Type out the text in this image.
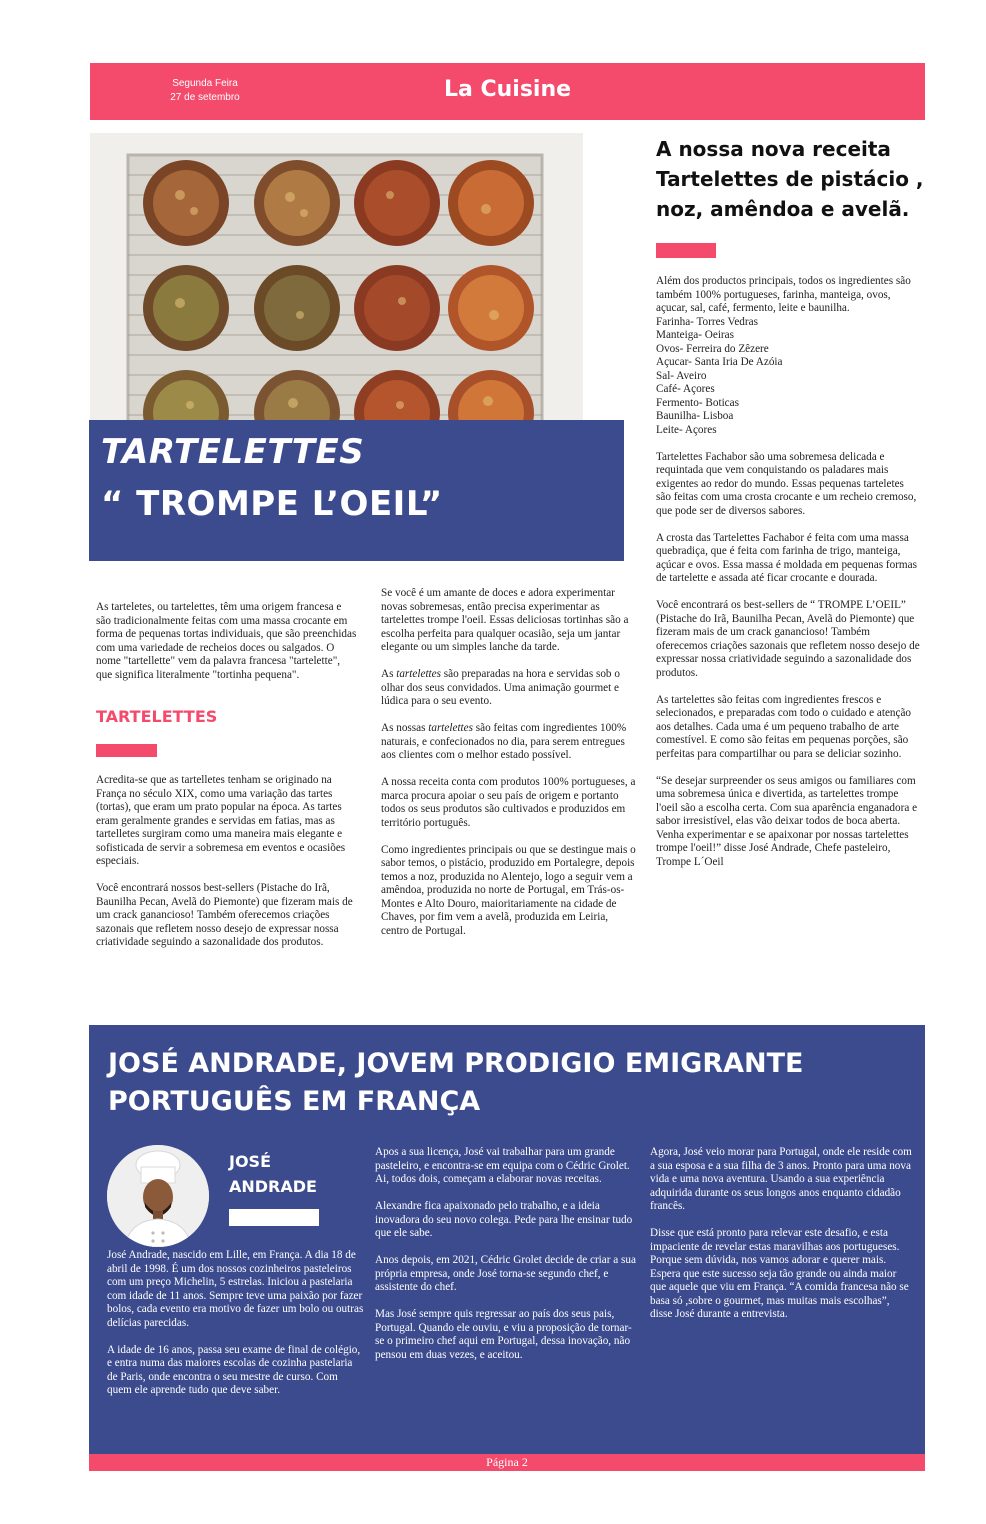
Segunda Feira
27 de setembro	La Cuisine
TARTELETTES
“ TROMPE L’OEIL”
A nossa nova receita
Tartelettes de pistácio ,
noz, amêndoa e avelã.

Além dos productos principais, todos os ingredientes são também 100% portugueses, farinha, manteiga, ovos, açucar, sal, café, fermento, leite e baunilha.

Farinha- Torres Vedras

Manteiga- Oeiras

Ovos- Ferreira do Zêzere

Açucar- Santa Iria De Azóia

Sal- Aveiro

Café- Açores

Fermento- Boticas

Baunilha- Lisboa

Leite- Açores

Tartelettes Fachabor são uma sobremesa delicada e requintada que vem conquistando os paladares mais exigentes ao redor do mundo. Essas pequenas tarteletes são feitas com uma crosta crocante e um recheio cremoso, que pode ser de diversos sabores.

A crosta das Tartelettes Fachabor é feita com uma massa quebradiça, que é feita com farinha de trigo, manteiga, açúcar e ovos. Essa massa é moldada em pequenas formas de tartelette e assada até ficar crocante e dourada.

Você encontrará os best-sellers de “ TROMPE L’OEIL” (Pistache do Irã, Baunilha Pecan, Avelã do Piemonte) que fizeram mais de um crack ganancioso! Também oferecemos criações sazonais que refletem nosso desejo de expressar nossa criatividade seguindo a sazonalidade dos produtos.

As tartelettes são feitas com ingredientes frescos e selecionados, e preparadas com todo o cuidado e atenção aos detalhes. Cada uma é um pequeno trabalho de arte comestível. E como são feitas em pequenas porções, são perfeitas para compartilhar ou para se deliciar sozinho.

“Se desejar surpreender os seus amigos ou familiares com uma sobremesa única e divertida, as tartelettes trompe l'oeil são a escolha certa. Com sua aparência enganadora e sabor irresistível, elas vão deixar todos de boca aberta. Venha experimentar e se apaixonar por nossas tartelettes trompe l'oeil!” disse José Andrade, Chefe pasteleiro, Trompe L´Oeil

As tarteletes, ou tartelettes, têm uma origem francesa e são tradicionalmente feitas com uma massa crocante em forma de pequenas tortas individuais, que são preenchidas com uma variedade de recheios doces ou salgados. O nome "tartellette" vem da palavra francesa "tartelette", que significa literalmente "tortinha pequena".

TARTELETTES

Acredita-se que as tartelletes tenham se originado na França no século XIX, como uma variação das tartes (tortas), que eram um prato popular na época. As tartes eram geralmente grandes e servidas em fatias, mas as tartelletes surgiram como uma maneira mais elegante e sofisticada de servir a sobremesa em eventos e ocasiões especiais.

Você encontrará nossos best-sellers (Pistache do Irã, Baunilha Pecan, Avelã do Piemonte) que fizeram mais de um crack ganancioso! Também oferecemos criações sazonais que refletem nosso desejo de expressar nossa criatividade seguindo a sazonalidade dos produtos.

Se você é um amante de doces e adora experimentar novas sobremesas, então precisa experimentar as tartelettes trompe l'oeil. Essas deliciosas tortinhas são a escolha perfeita para qualquer ocasião, seja um jantar elegante ou um simples lanche da tarde.

As tartelettes são preparadas na hora e servidas sob o olhar dos seus convidados. Uma animação gourmet e lúdica para o seu evento.

As nossas tartelettes são feitas com ingredientes 100% naturais, e confecionados no dia, para serem entregues aos clientes com o melhor estado possível.

A nossa receita conta com produtos 100% portugueses, a marca procura apoiar o seu país de origem e portanto todos os seus produtos são cultivados e produzidos em território português.

Como ingredientes principais ou que se destingue mais o sabor temos, o pistácio, produzido em Portalegre, depois temos a noz, produzida no Alentejo, logo a seguir vem a amêndoa, produzida no norte de Portugal, em Trás-os-Montes e Alto Douro, maioritariamente na cidade de Chaves, por fim vem a avelã, produzida em Leiria, centro de Portugal.

JOSÉ ANDRADE, JOVEM PRODIGIO EMIGRANTE PORTUGUÊS EM FRANÇA
JOSÉ
ANDRADE

José Andrade, nascido em Lille, em França. A dia 18 de abril de 1998. É um dos nossos cozinheiros pasteleiros com um preço Michelin, 5 estrelas. Iniciou a pastelaria com idade de 11 anos. Sempre teve uma paixão por fazer bolos, cada evento era motivo de fazer um bolo ou outras delícias parecidas.

A idade de 16 anos, passa seu exame de final de colégio, e entra numa das maiores escolas de cozinha pastelaria de Paris, onde encontra o seu mestre de curso. Com quem ele aprende tudo que deve saber.

Apos a sua licença, José vai trabalhar para um grande pasteleiro, e encontra-se em equipa com o Cédric Grolet. Ai, todos dois, começam a elaborar novas receitas.

Alexandre fica apaixonado pelo trabalho, e a ideia inovadora do seu novo colega. Pede para lhe ensinar tudo que ele sabe.

Anos depois, em 2021, Cédric Grolet decide de criar a sua própria empresa, onde José torna-se segundo chef, e assistente do chef.

Mas José sempre quis regressar ao país dos seus pais, Portugal. Quando ele ouviu, e viu a proposição de tornar-se o primeiro chef aqui em Portugal, dessa inovação, não pensou em duas vezes, e aceitou.

Agora, José veio morar para Portugal, onde ele reside com a sua esposa e a sua filha de 3 anos. Pronto para uma nova vida e uma nova aventura. Usando a sua experiência adquirida durante os seus longos anos enquanto cidadão francês.

Disse que está pronto para relevar este desafio, e esta impaciente de revelar estas maravilhas aos portugueses. Porque sem dúvida, nos vamos adorar e querer mais. Espera que este sucesso seja tão grande ou ainda maior que aquele que viu em França. “A comida francesa não se basa só ,sobre o gourmet, mas muitas mais escolhas”, disse José durante a entrevista.

Página 2
